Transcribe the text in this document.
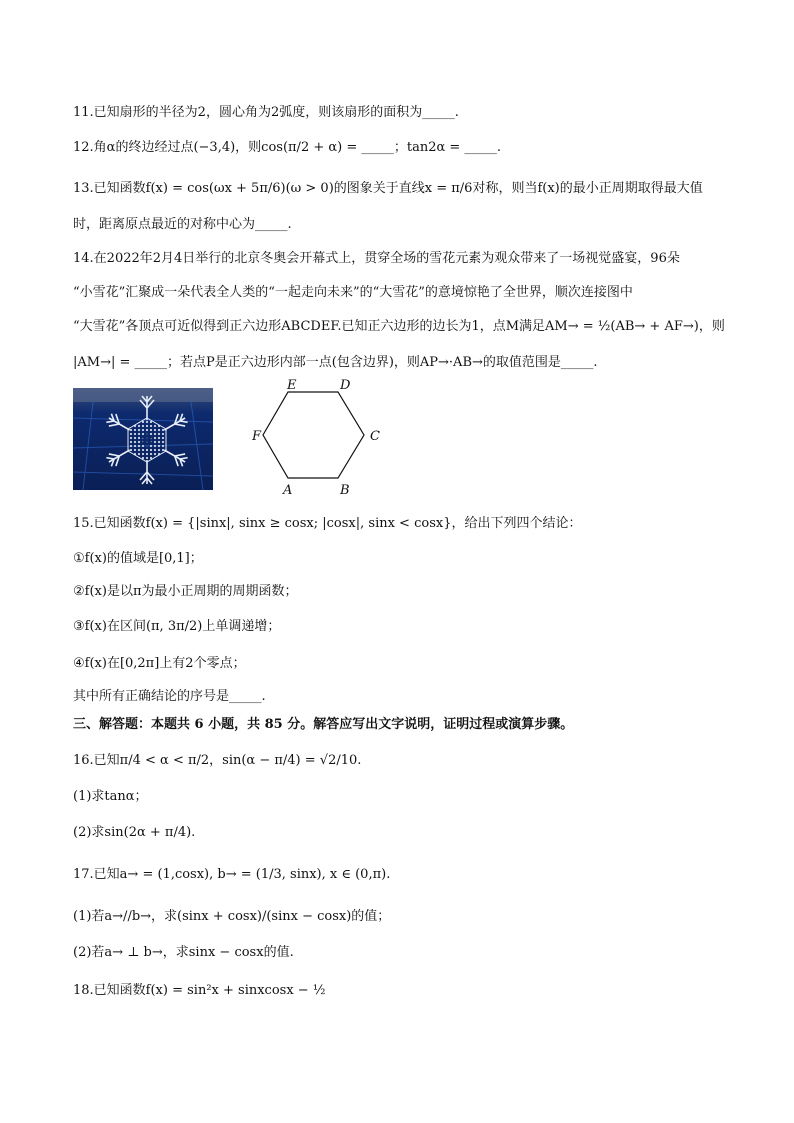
11.已知扇形的半径为2，圆心角为2弧度，则该扇形的面积为_____.
12.角α的终边经过点(−3,4)，则cos(π/2 + α) = _____；tan2α = _____.
13.已知函数f(x) = cos(ωx + 5π/6)(ω > 0)的图象关于直线x = π/6对称，则当f(x)的最小正周期取得最大值
时，距离原点最近的对称中心为_____.
14.在2022年2月4日举行的北京冬奥会开幕式上，贯穿全场的雪花元素为观众带来了一场视觉盛宴，96朵
“小雪花”汇聚成一朵代表全人类的“一起走向未来”的“大雪花”的意境惊艳了全世界，顺次连接图中
“大雪花”各顶点可近似得到正六边形ABCDEF.已知正六边形的边长为1，点M满足AM→ = ½(AB→ + AF→)，则
|AM→| = _____；若点P是正六边形内部一点(包含边界)，则AP→·AB→的取值范围是_____.
A	B
C
D
E
F
15.已知函数f(x) = {|sinx|, sinx ≥ cosx; |cosx|, sinx < cosx}，给出下列四个结论：
①f(x)的值域是[0,1]；
②f(x)是以π为最小正周期的周期函数；
③f(x)在区间(π, 3π/2)上单调递增；
④f(x)在[0,2π]上有2个零点；
其中所有正确结论的序号是_____.
三、解答题：本题共 6 小题，共 85 分。解答应写出文字说明，证明过程或演算步骤。
16.已知π/4 < α < π/2，sin(α − π/4) = √2/10.
(1)求tanα；
(2)求sin(2α + π/4).
17.已知a→ = (1,cosx), b→ = (1/3, sinx), x ∈ (0,π).
(1)若a→//b→，求(sinx + cosx)/(sinx − cosx)的值；
(2)若a→ ⊥ b→，求sinx − cosx的值.
18.已知函数f(x) = sin²x + sinxcosx − ½
